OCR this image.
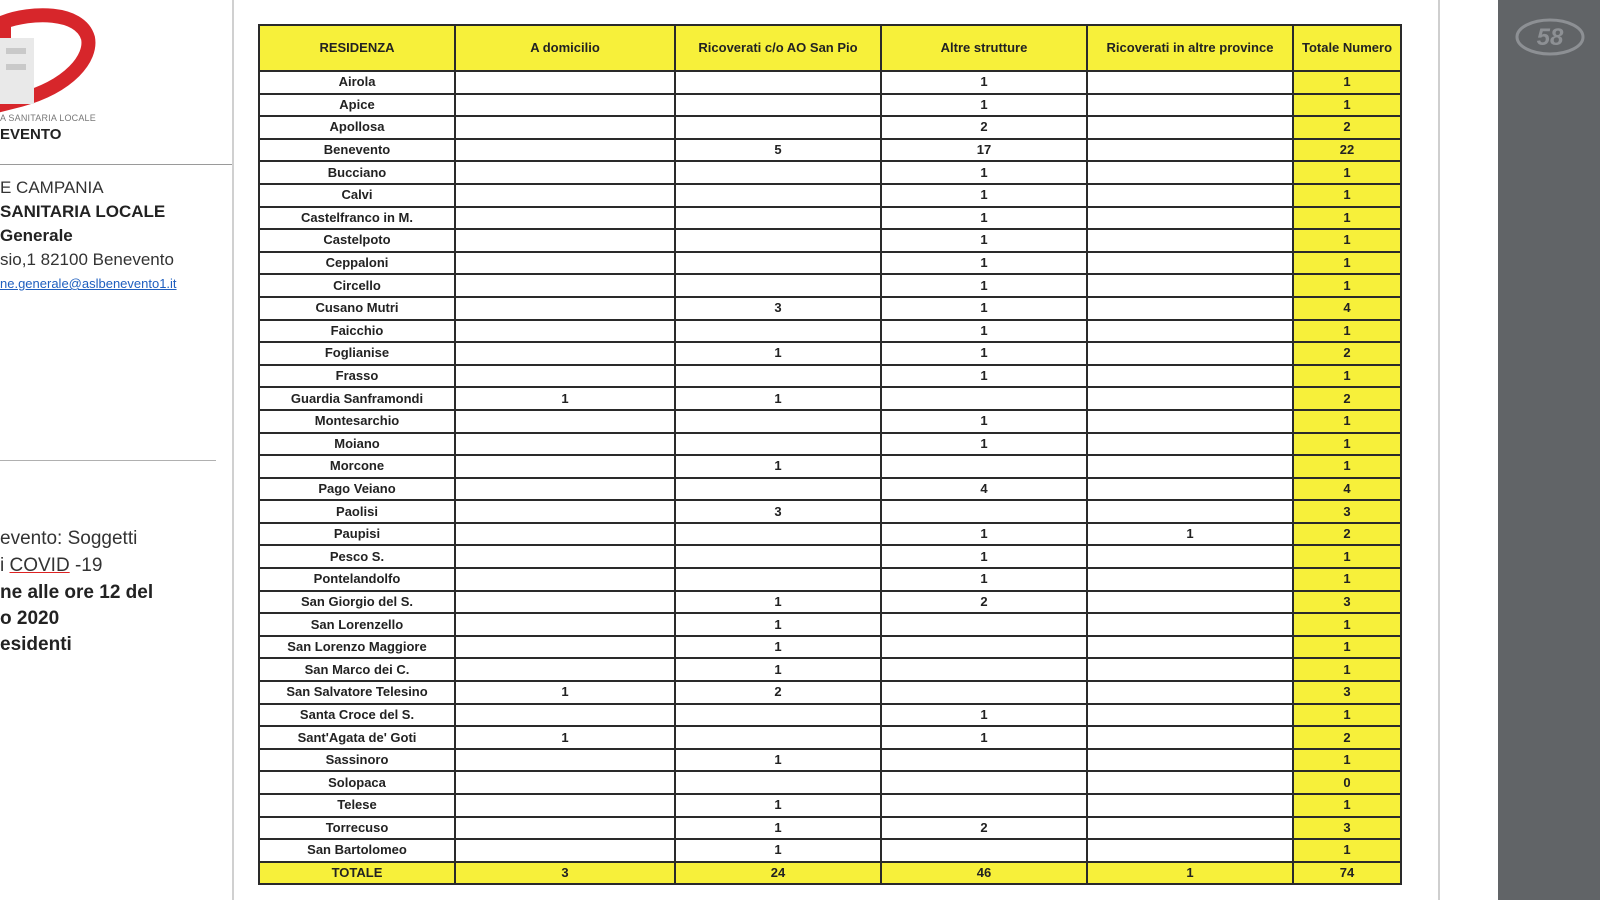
A SANITARIA LOCALE
EVENTO
E CAMPANIA
SANITARIA LOCALE
Generale
sio,1 82100 Benevento
ne.generale@aslbenevento1.it
evento: Soggetti
i COVID -19
ne alle ore 12 del
o 2020
esidenti
RESIDENZA	A domicilio	Ricoverati c/o AO San Pio	Altre strutture	Ricoverati in altre province	Totale Numero
Airola			1		1
Apice			1		1
Apollosa			2		2
Benevento		5	17		22
Bucciano			1		1
Calvi			1		1
Castelfranco in M.			1		1
Castelpoto			1		1
Ceppaloni			1		1
Circello			1		1
Cusano Mutri		3	1		4
Faicchio			1		1
Foglianise		1	1		2
Frasso			1		1
Guardia Sanframondi	1	1			2
Montesarchio			1		1
Moiano			1		1
Morcone		1			1
Pago Veiano			4		4
Paolisi		3			3
Paupisi			1	1	2
Pesco S.			1		1
Pontelandolfo			1		1
San Giorgio del S.		1	2		3
San Lorenzello		1			1
San Lorenzo Maggiore		1			1
San Marco dei C.		1			1
San Salvatore Telesino	1	2			3
Santa Croce del S.			1		1
Sant'Agata de' Goti	1		1		2
Sassinoro		1			1
Solopaca					0
Telese		1			1
Torrecuso		1	2		3
San Bartolomeo		1			1
TOTALE	3	24	46	1	74
58
